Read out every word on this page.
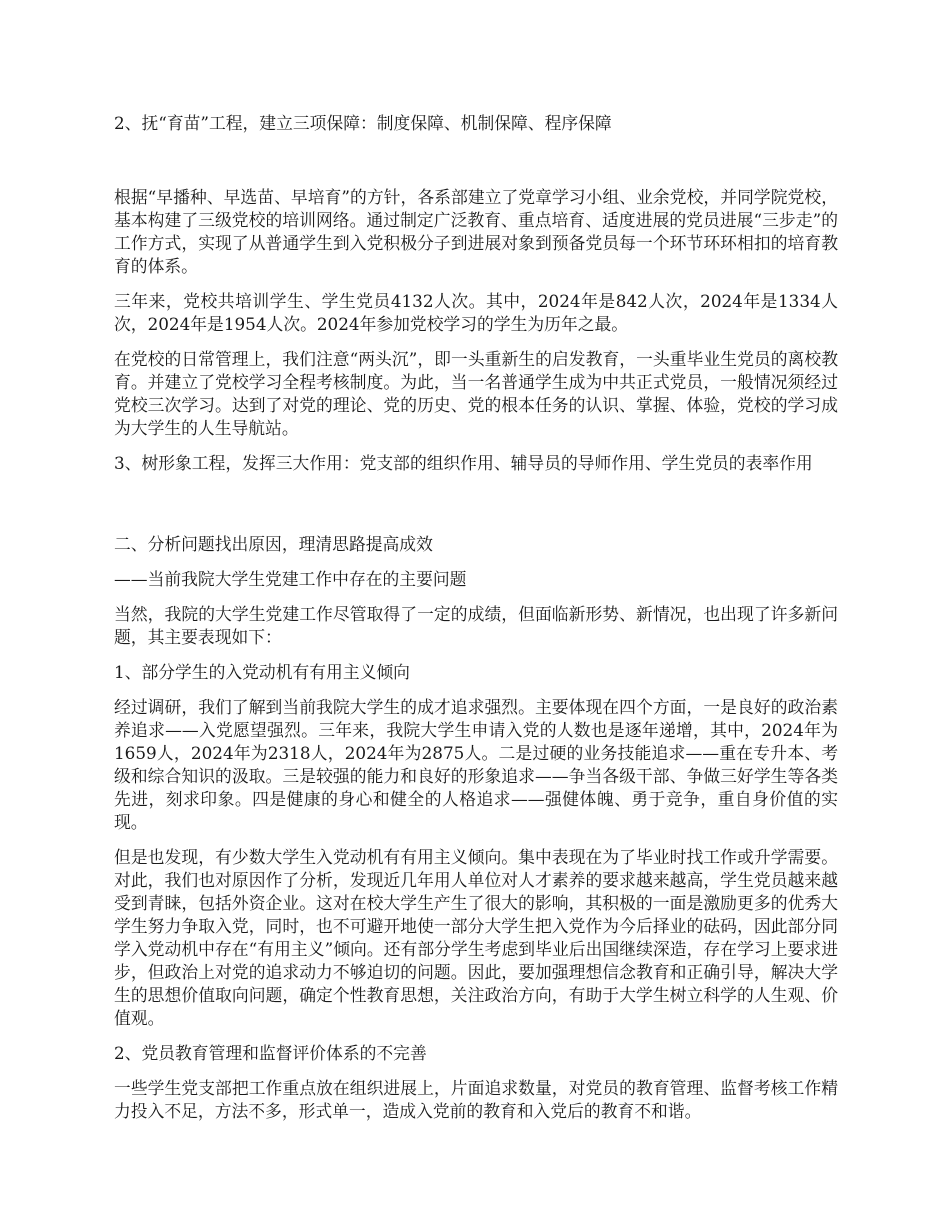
2、抚“育苗”工程，建立三项保障：制度保障、机制保障、程序保障

根据“早播种、早选苗、早培育”的方针，各系部建立了党章学习小组、业余党校，并同学院党校，基本构建了三级党校的培训网络。通过制定广泛教育、重点培育、适度进展的党员进展“三步走”的工作方式，实现了从普通学生到入党积极分子到进展对象到预备党员每一个环节环环相扣的培育教育的体系。

三年来，党校共培训学生、学生党员4132人次。其中，2024年是842人次，2024年是1334人次，2024年是1954人次。2024年参加党校学习的学生为历年之最。

在党校的日常管理上，我们注意“两头沉”，即一头重新生的启发教育，一头重毕业生党员的离校教育。并建立了党校学习全程考核制度。为此，当一名普通学生成为中共正式党员，一般情况须经过党校三次学习。达到了对党的理论、党的历史、党的根本任务的认识、掌握、体验，党校的学习成为大学生的人生导航站。

3、树形象工程，发挥三大作用：党支部的组织作用、辅导员的导师作用、学生党员的表率作用

二、分析问题找出原因，理清思路提高成效

——当前我院大学生党建工作中存在的主要问题

当然，我院的大学生党建工作尽管取得了一定的成绩，但面临新形势、新情况，也出现了许多新问题，其主要表现如下：

1、部分学生的入党动机有有用主义倾向

经过调研，我们了解到当前我院大学生的成才追求强烈。主要体现在四个方面，一是良好的政治素养追求——入党愿望强烈。三年来，我院大学生申请入党的人数也是逐年递增，其中，2024年为1659人，2024年为2318人，2024年为2875人。二是过硬的业务技能追求——重在专升本、考级和综合知识的汲取。三是较强的能力和良好的形象追求——争当各级干部、争做三好学生等各类先进，刻求印象。四是健康的身心和健全的人格追求——强健体魄、勇于竞争，重自身价值的实现。

但是也发现，有少数大学生入党动机有有用主义倾向。集中表现在为了毕业时找工作或升学需要。对此，我们也对原因作了分析，发现近几年用人单位对人才素养的要求越来越高，学生党员越来越受到青睐，包括外资企业。这对在校大学生产生了很大的影响，其积极的一面是激励更多的优秀大学生努力争取入党，同时，也不可避开地使一部分大学生把入党作为今后择业的砝码，因此部分同学入党动机中存在“有用主义”倾向。还有部分学生考虑到毕业后出国继续深造，存在学习上要求进步，但政治上对党的追求动力不够迫切的问题。因此，要加强理想信念教育和正确引导，解决大学生的思想价值取向问题，确定个性教育思想，关注政治方向，有助于大学生树立科学的人生观、价值观。

2、党员教育管理和监督评价体系的不完善

一些学生党支部把工作重点放在组织进展上，片面追求数量，对党员的教育管理、监督考核工作精力投入不足，方法不多，形式单一，造成入党前的教育和入党后的教育不和谐。
